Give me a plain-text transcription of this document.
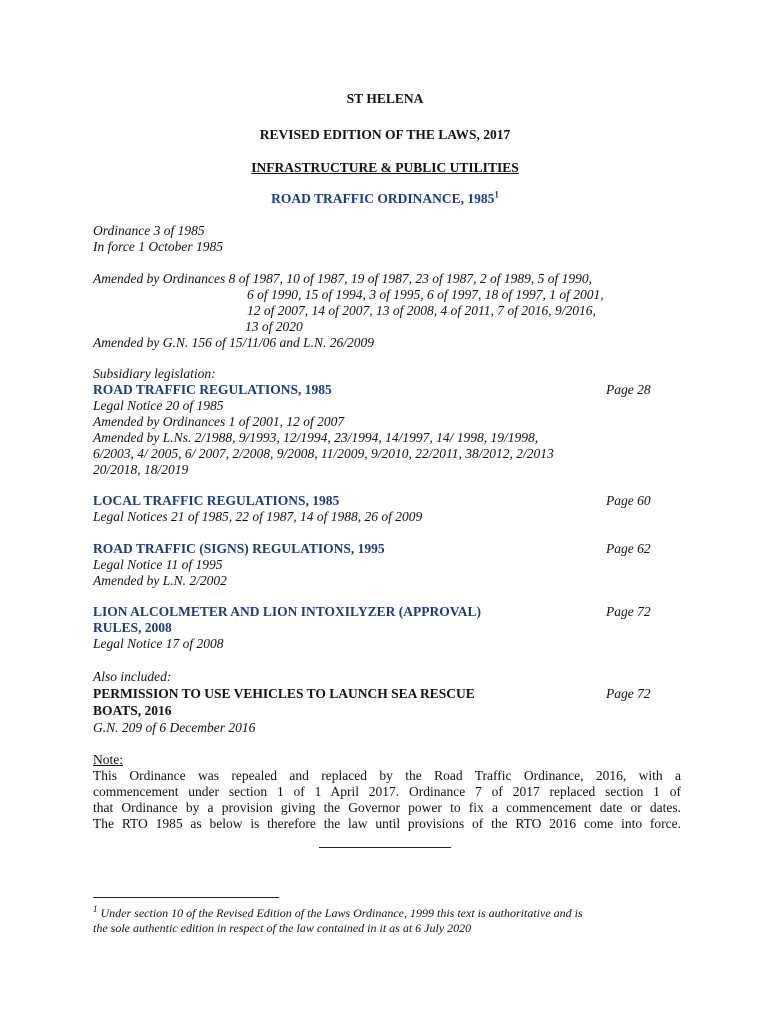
ST HELENA
REVISED EDITION OF THE LAWS, 2017
INFRASTRUCTURE & PUBLIC UTILITIES
ROAD TRAFFIC ORDINANCE, 1985$^1$
Ordinance 3 of 1985
In force 1 October 1985
Amended by Ordinances 8 of 1987, 10 of 1987, 19 of 1987, 23 of 1987, 2 of 1989, 5 of 1990,
6 of 1990, 15 of 1994, 3 of 1995, 6 of 1997, 18 of 1997, 1 of 2001,
12 of 2007, 14 of 2007, 13 of 2008, 4 of 2011, 7 of 2016, 9/2016,
13 of 2020
Amended by G.N. 156 of 15/11/06 and L.N. 26/2009
Subsidiary legislation:
ROAD TRAFFIC REGULATIONS, 1985	Page 28
Legal Notice 20 of 1985
Amended by Ordinances 1 of 2001, 12 of 2007
Amended by L.Ns. 2/1988, 9/1993, 12/1994, 23/1994, 14/1997, 14/ 1998, 19/1998,
6/2003, 4/ 2005, 6/ 2007, 2/2008, 9/2008, 11/2009, 9/2010, 22/2011, 38/2012, 2/2013
20/2018, 18/2019
LOCAL TRAFFIC REGULATIONS, 1985	Page 60
Legal Notices 21 of 1985, 22 of 1987, 14 of 1988, 26 of 2009
ROAD TRAFFIC (SIGNS) REGULATIONS, 1995	Page 62
Legal Notice 11 of 1995
Amended by L.N. 2/2002
LION ALCOLMETER AND LION INTOXILYZER (APPROVAL)	Page 72
RULES, 2008
Legal Notice 17 of 2008
Also included:
PERMISSION TO USE VEHICLES TO LAUNCH SEA RESCUE	Page 72
BOATS, 2016
G.N. 209 of 6 December 2016
Note:
This Ordinance was repealed and replaced by the Road Traffic Ordinance, 2016, with a
commencement under section 1 of 1 April 2017. Ordinance 7 of 2017 replaced section 1 of
that Ordinance by a provision giving the Governor power to fix a commencement date or dates.
The RTO 1985 as below is therefore the law until provisions of the RTO 2016 come into force.
$^1$ Under section 10 of the Revised Edition of the Laws Ordinance, 1999 this text is authoritative and is
the sole authentic edition in respect of the law contained in it as at 6 July 2020
